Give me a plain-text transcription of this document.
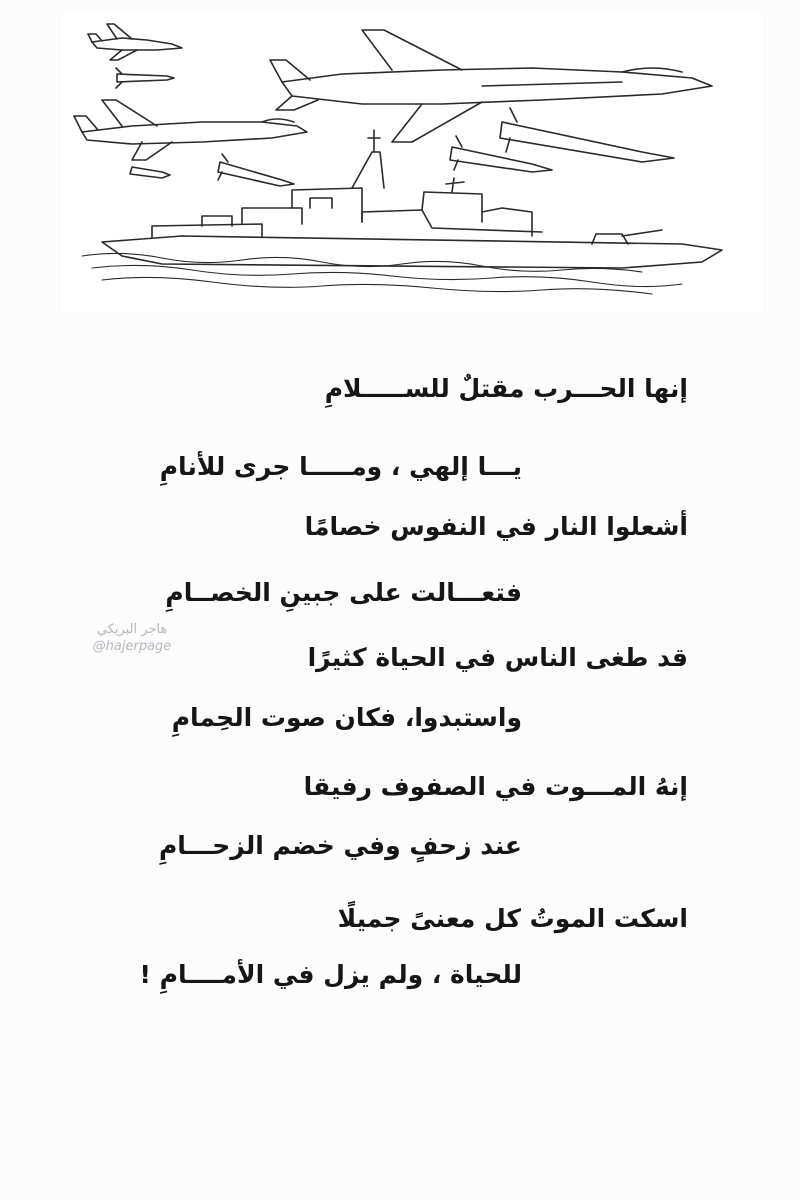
إنها الحـــرب مقتلٌ للســـــلامِ
يـــا إلهي ، ومـــــا جرى للأنامِ
أشعلوا النار في النفوس خصامًا
فتعـــالت على جبينِ الخصــامِ
قد طغى الناس في الحياة كثيرًا
واستبدوا، فكان صوت الحِمامِ
إنهُ المـــوت في الصفوف رفيقا
عند زحفٍ وفي خضم الزحـــامِ
اسكت الموتُ كل معنىً جميلًا
للحياة ، ولم يزل في الأمــــامِ !
هاجر البريكي
@hajerpage
